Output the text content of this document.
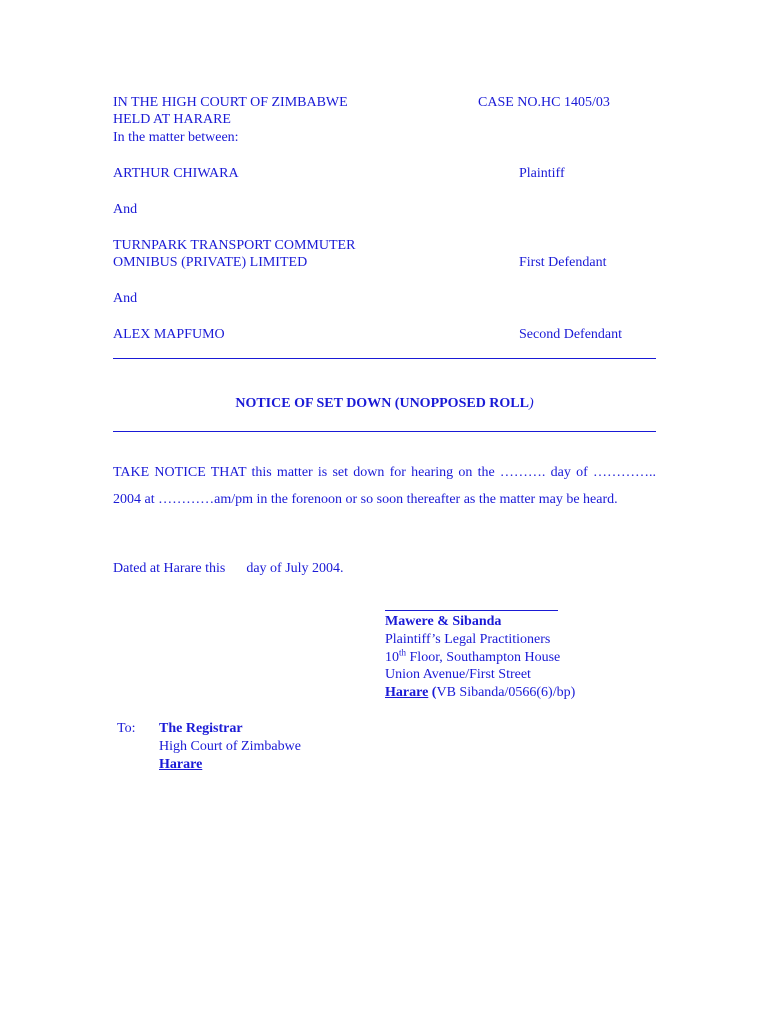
IN THE HIGH COURT OF ZIMBABWE	CASE NO.HC 1405/03
HELD AT HARARE
In the matter between:
ARTHUR CHIWARA	Plaintiff
And
TURNPARK TRANSPORT COMMUTER
OMNIBUS (PRIVATE) LIMITED	First Defendant
And
ALEX MAPFUMO	Second Defendant
NOTICE OF SET DOWN (UNOPPOSED ROLL)
TAKE NOTICE THAT this matter is set down for hearing on the ………. day of ………….. 2004 at …………am/pm in the forenoon or so soon thereafter as the matter may be heard.
Dated at Harare this      day of July 2004.
Mawere & Sibanda
Plaintiff’s Legal Practitioners
10th Floor, Southampton House
Union Avenue/First Street
Harare (VB Sibanda/0566(6)/bp)
To: The Registrar
High Court of Zimbabwe
Harare
